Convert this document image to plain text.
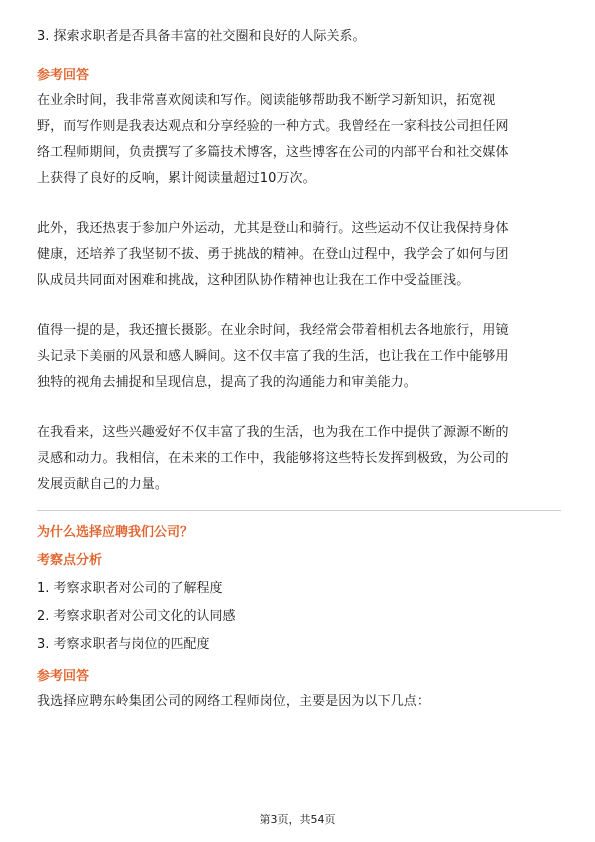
3. 探索求职者是否具备丰富的社交圈和良好的人际关系。

参考回答

在业余时间，我非常喜欢阅读和写作。阅读能够帮助我不断学习新知识，拓宽视

野，而写作则是我表达观点和分享经验的一种方式。我曾经在一家科技公司担任网

络工程师期间，负责撰写了多篇技术博客，这些博客在公司的内部平台和社交媒体

上获得了良好的反响，累计阅读量超过10万次。

此外，我还热衷于参加户外运动，尤其是登山和骑行。这些运动不仅让我保持身体

健康，还培养了我坚韧不拔、勇于挑战的精神。在登山过程中，我学会了如何与团

队成员共同面对困难和挑战，这种团队协作精神也让我在工作中受益匪浅。

值得一提的是，我还擅长摄影。在业余时间，我经常会带着相机去各地旅行，用镜

头记录下美丽的风景和感人瞬间。这不仅丰富了我的生活，也让我在工作中能够用

独特的视角去捕捉和呈现信息，提高了我的沟通能力和审美能力。

在我看来，这些兴趣爱好不仅丰富了我的生活，也为我在工作中提供了源源不断的

灵感和动力。我相信，在未来的工作中，我能够将这些特长发挥到极致，为公司的

发展贡献自己的力量。

为什么选择应聘我们公司？

考察点分析

1. 考察求职者对公司的了解程度

2. 考察求职者对公司文化的认同感

3. 考察求职者与岗位的匹配度

参考回答

我选择应聘东岭集团公司的网络工程师岗位，主要是因为以下几点：

第3页，共54页
